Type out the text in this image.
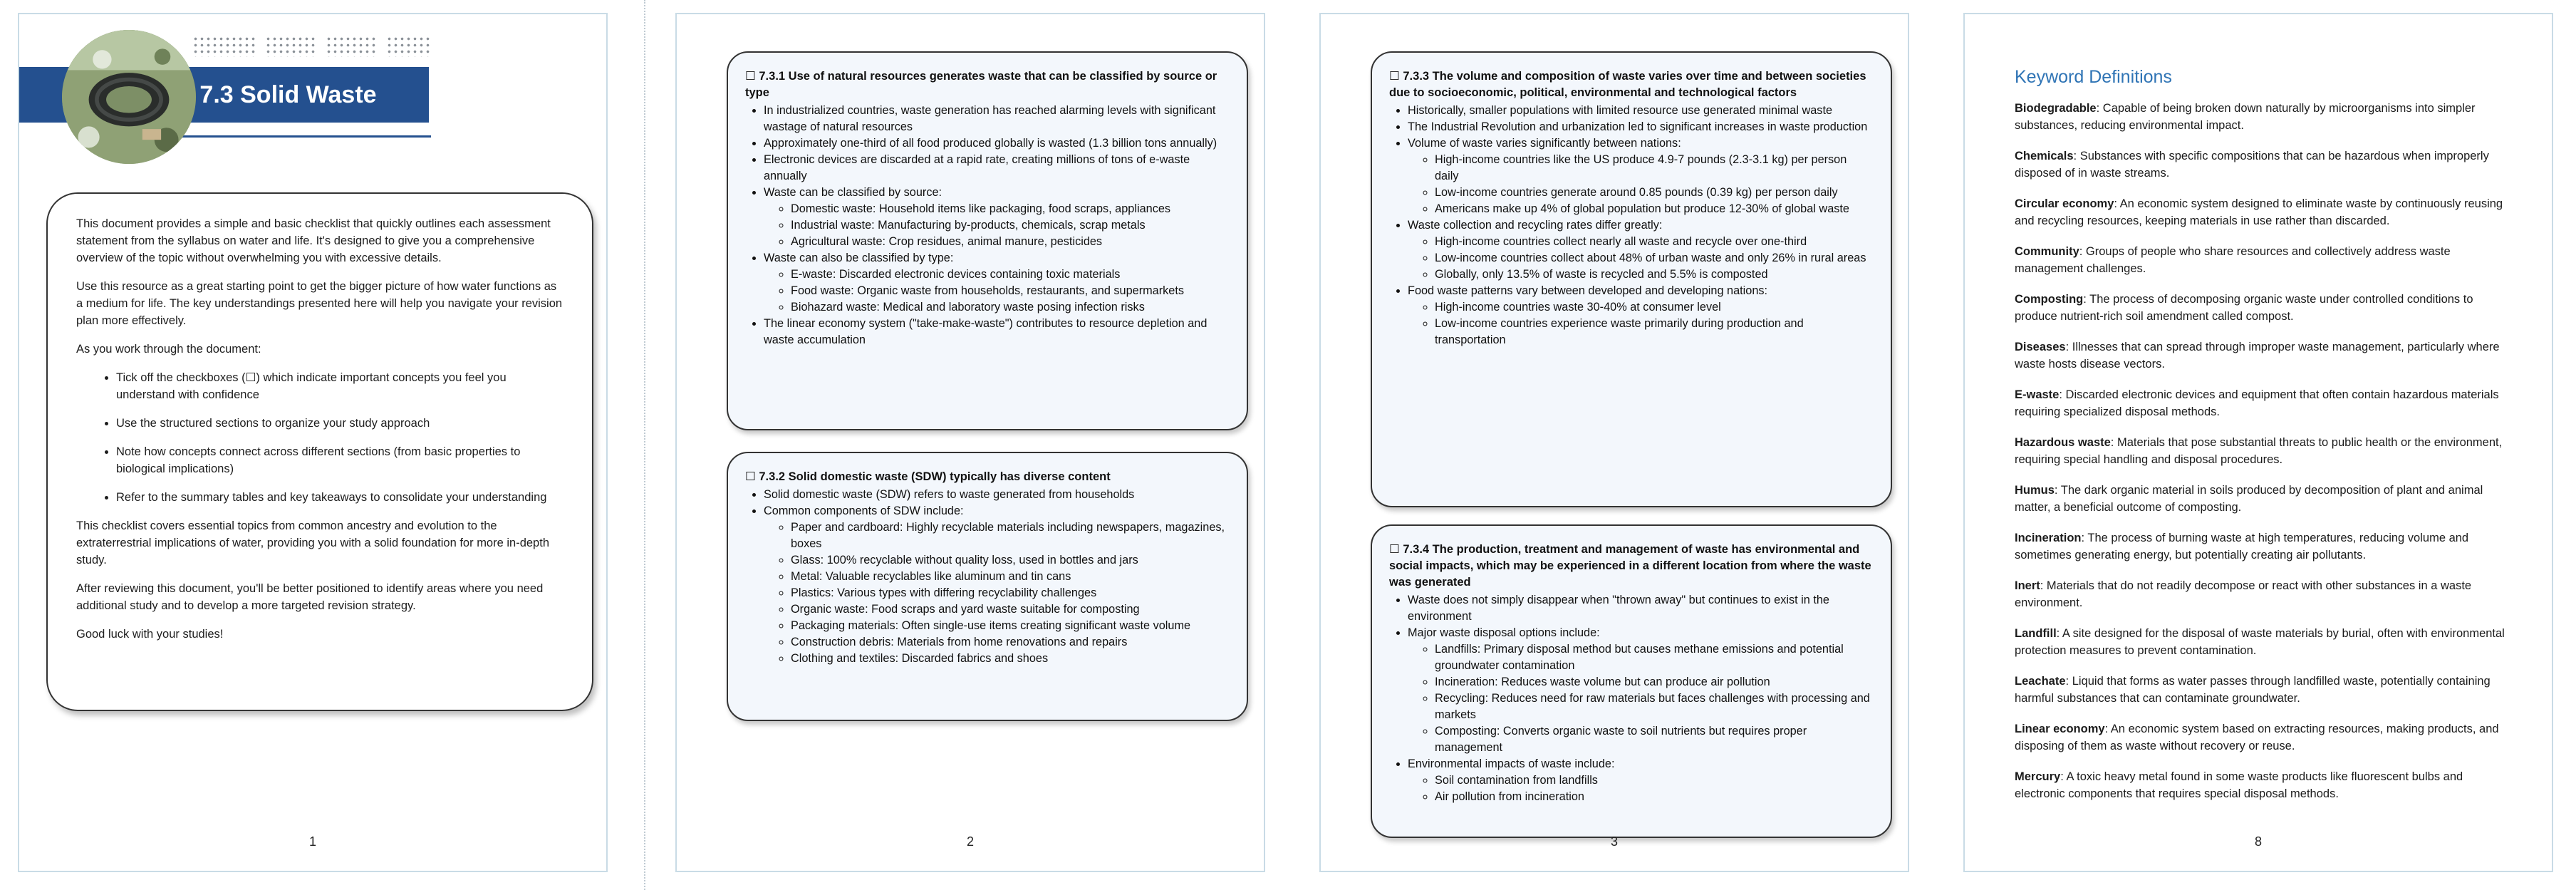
7.3 Solid Waste

This document provides a simple and basic checklist that quickly outlines each assessment statement from the syllabus on water and life. It's designed to give you a comprehensive overview of the topic without overwhelming you with excessive details.

Use this resource as a great starting point to get the bigger picture of how water functions as a medium for life. The key understandings presented here will help you navigate your revision plan more effectively.

As you work through the document:

• Tick off the checkboxes (☐) which indicate important concepts you feel you understand with confidence
• Use the structured sections to organize your study approach
• Note how concepts connect across different sections (from basic properties to biological implications)
• Refer to the summary tables and key takeaways to consolidate your understanding

This checklist covers essential topics from common ancestry and evolution to the extraterrestrial implications of water, providing you with a solid foundation for more in-depth study.

After reviewing this document, you'll be better positioned to identify areas where you need additional study and to develop a more targeted revision strategy.

Good luck with your studies!

1
☐ 7.3.1 Use of natural resources generates waste that can be classified by source or type
• In industrialized countries, waste generation has reached alarming levels with significant wastage of natural resources
• Approximately one-third of all food produced globally is wasted (1.3 billion tons annually)
• Electronic devices are discarded at a rapid rate, creating millions of tons of e-waste annually
• Waste can be classified by source:
◦ Domestic waste: Household items like packaging, food scraps, appliances
◦ Industrial waste: Manufacturing by-products, chemicals, scrap metals
◦ Agricultural waste: Crop residues, animal manure, pesticides
• Waste can also be classified by type:
◦ E-waste: Discarded electronic devices containing toxic materials
◦ Food waste: Organic waste from households, restaurants, and supermarkets
◦ Biohazard waste: Medical and laboratory waste posing infection risks
• The linear economy system ("take-make-waste") contributes to resource depletion and waste accumulation
☐ 7.3.2 Solid domestic waste (SDW) typically has diverse content
• Solid domestic waste (SDW) refers to waste generated from households
• Common components of SDW include:
◦ Paper and cardboard: Highly recyclable materials including newspapers, magazines, boxes
◦ Glass: 100% recyclable without quality loss, used in bottles and jars
◦ Metal: Valuable recyclables like aluminum and tin cans
◦ Plastics: Various types with differing recyclability challenges
◦ Organic waste: Food scraps and yard waste suitable for composting
◦ Packaging materials: Often single-use items creating significant waste volume
◦ Construction debris: Materials from home renovations and repairs
◦ Clothing and textiles: Discarded fabrics and shoes
2
☐ 7.3.3 The volume and composition of waste varies over time and between societies due to socioeconomic, political, environmental and technological factors
• Historically, smaller populations with limited resource use generated minimal waste
• The Industrial Revolution and urbanization led to significant increases in waste production
• Volume of waste varies significantly between nations:
◦ High-income countries like the US produce 4.9-7 pounds (2.3-3.1 kg) per person daily
◦ Low-income countries generate around 0.85 pounds (0.39 kg) per person daily
◦ Americans make up 4% of global population but produce 12-30% of global waste
• Waste collection and recycling rates differ greatly:
◦ High-income countries collect nearly all waste and recycle over one-third
◦ Low-income countries collect about 48% of urban waste and only 26% in rural areas
◦ Globally, only 13.5% of waste is recycled and 5.5% is composted
• Food waste patterns vary between developed and developing nations:
◦ High-income countries waste 30-40% at consumer level
◦ Low-income countries experience waste primarily during production and transportation
☐ 7.3.4 The production, treatment and management of waste has environmental and social impacts, which may be experienced in a different location from where the waste was generated
• Waste does not simply disappear when "thrown away" but continues to exist in the environment
• Major waste disposal options include:
◦ Landfills: Primary disposal method but causes methane emissions and potential groundwater contamination
◦ Incineration: Reduces waste volume but can produce air pollution
◦ Recycling: Reduces need for raw materials but faces challenges with processing and markets
◦ Composting: Converts organic waste to soil nutrients but requires proper management
• Environmental impacts of waste include:
◦ Soil contamination from landfills
◦ Air pollution from incineration
3
Keyword Definitions
Biodegradable: Capable of being broken down naturally by microorganisms into simpler substances, reducing environmental impact.
Chemicals: Substances with specific compositions that can be hazardous when improperly disposed of in waste streams.
Circular economy: An economic system designed to eliminate waste by continuously reusing and recycling resources, keeping materials in use rather than discarded.
Community: Groups of people who share resources and collectively address waste management challenges.
Composting: The process of decomposing organic waste under controlled conditions to produce nutrient-rich soil amendment called compost.
Diseases: Illnesses that can spread through improper waste management, particularly where waste hosts disease vectors.
E-waste: Discarded electronic devices and equipment that often contain hazardous materials requiring specialized disposal methods.
Hazardous waste: Materials that pose substantial threats to public health or the environment, requiring special handling and disposal procedures.
Humus: The dark organic material in soils produced by decomposition of plant and animal matter, a beneficial outcome of composting.
Incineration: The process of burning waste at high temperatures, reducing volume and sometimes generating energy, but potentially creating air pollutants.
Inert: Materials that do not readily decompose or react with other substances in a waste environment.
Landfill: A site designed for the disposal of waste materials by burial, often with environmental protection measures to prevent contamination.
Leachate: Liquid that forms as water passes through landfilled waste, potentially containing harmful substances that can contaminate groundwater.
Linear economy: An economic system based on extracting resources, making products, and disposing of them as waste without recovery or reuse.
Mercury: A toxic heavy metal found in some waste products like fluorescent bulbs and electronic components that requires special disposal methods.
8
